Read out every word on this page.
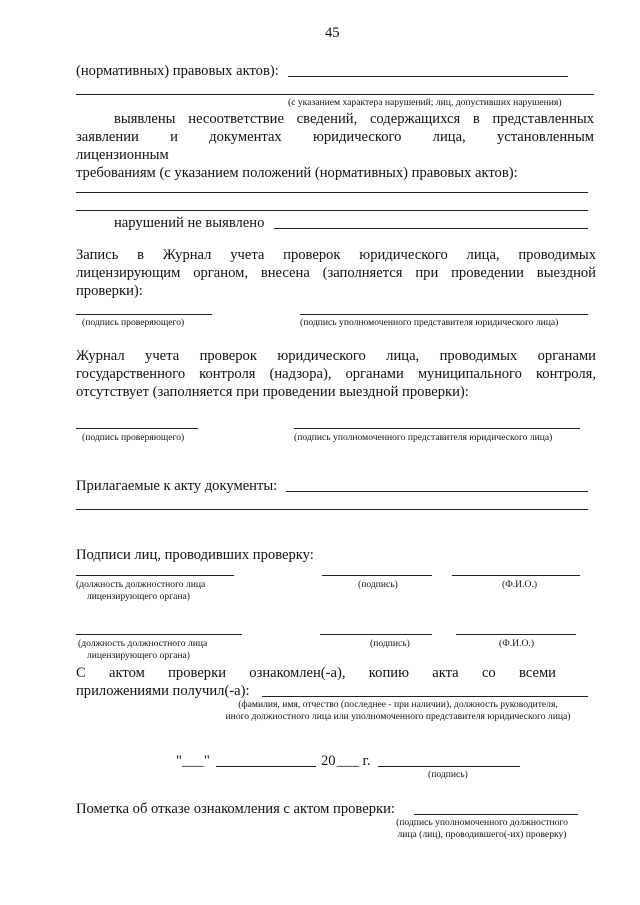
45
(нормативных) правовых актов):
(с указанием характера нарушений; лиц, допустивших нарушения)
выявлены несоответствие сведений, содержащихся в представленных
заявлении и документах юридического лица, установленным
лицензионным
требованиям (с указанием положений (нормативных) правовых актов):
нарушений не выявлено
Запись в Журнал учета проверок юридического лица, проводимых
лицензирующим органом, внесена (заполняется при проведении выездной
проверки):
(подпись проверяющего)	(подпись уполномоченного представителя юридического лица)
Журнал учета проверок юридического лица, проводимых органами
государственного контроля (надзора), органами муниципального контроля,
отсутствует (заполняется при проведении выездной проверки):
(подпись проверяющего)	(подпись уполномоченного представителя юридического лица)
Прилагаемые к акту документы:
Подписи лиц, проводивших проверку:
(должность должностного лица
лицензирующего органа)
(подпись)	(Ф.И.О.)
(должность должностного лица
лицензирующего органа)
(подпись)	(Ф.И.О.)
С актом проверки ознакомлен(-а), копию акта со всеми
приложениями получил(-а):
(фамилия, имя, отчество (последнее - при наличии), должность руководителя,
иного должностного лица или уполномоченного представителя юридического лица)
"___"	20 ___ г.
(подпись)
Пометка об отказе ознакомления с актом проверки:
(подпись уполномоченного должностного
лица (лиц), проводившего(-их) проверку)
